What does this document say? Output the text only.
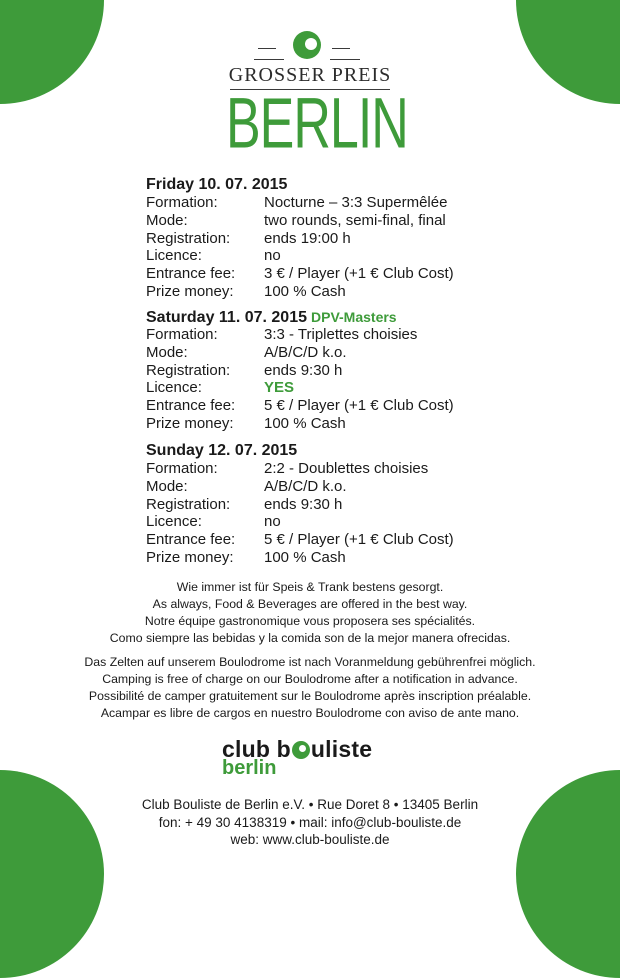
GROSSER PREIS
BERLIN
Friday 10. 07. 2015
Formation:	Nocturne – 3:3 Supermêlée
Mode:	two rounds, semi-final, final
Registration: ends 19:00 h
Licence:	no
Entrance fee: 3 € / Player (+1 € Club Cost)
Prize money: 100 % Cash
Saturday 11. 07. 2015 DPV-Masters
Formation:	3:3 - Triplettes choisies
Mode:	A/B/C/D k.o.
Registration: ends 9:30 h
Licence:	YES
Entrance fee: 5 € / Player (+1 € Club Cost)
Prize money: 100 % Cash
Sunday 12. 07. 2015
Formation:	2:2 - Doublettes choisies
Mode:	A/B/C/D k.o.
Registration: ends 9:30 h
Licence:	no
Entrance fee: 5 € / Player (+1 € Club Cost)
Prize money: 100 % Cash
Wie immer ist für Speis & Trank bestens gesorgt.
As always, Food & Beverages are offered in the best way.
Notre équipe gastronomique vous proposera ses spécialités.
Como siempre las bebidas y la comida son de la mejor manera ofrecidas.
Das Zelten auf unserem Boulodrome ist nach Voranmeldung gebührenfrei möglich.
Camping is free of charge on our Boulodrome after a notification in advance.
Possibilité de camper gratuitement sur le Boulodrome après inscription préalable.
Acampar es libre de cargos en nuestro Boulodrome con aviso de ante mano.
club b uliste
berlin
Club Bouliste de Berlin e.V. • Rue Doret 8 • 13405 Berlin
fon: + 49 30 4138319 • mail: info@club-bouliste.de
web: www.club-bouliste.de
